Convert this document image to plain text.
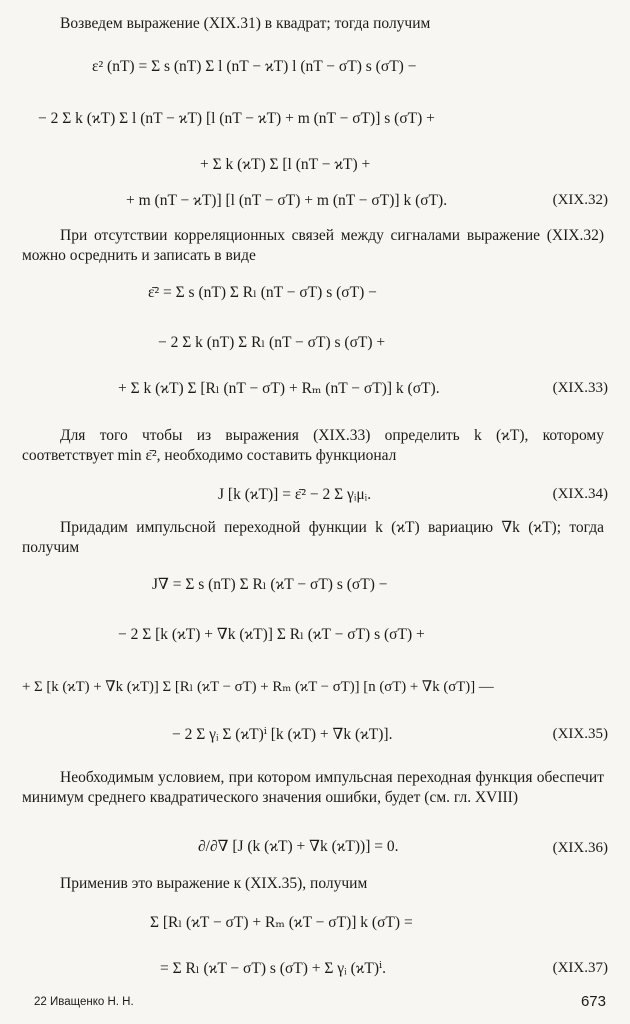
Возведем выражение (XIX.31) в квадрат; тогда получим
ε² (nT) = Σ s (nT) Σ l (nT − ϰT) l (nT − σT) s (σT) −
− 2 Σ k (ϰT) Σ l (nT − ϰT) [l (nT − ϰT) + m (nT − σT)] s (σT) +
+ Σ k (ϰT) Σ [l (nT − ϰT) +
+ m (nT − ϰT)] [l (nT − σT) + m (nT − σT)] k (σT).	(XIX.32)
При отсутствии корреляционных связей между сигналами выражение (XIX.32) можно осреднить и записать в виде
ε̄² = Σ s (nT) Σ Rₗ (nT − σT) s (σT) −
− 2 Σ k (nT) Σ Rₗ (nT − σT) s (σT) +
+ Σ k (ϰT) Σ [Rₗ (nT − σT) + Rₘ (nT − σT)] k (σT).	(XIX.33)
Для того чтобы из выражения (XIX.33) определить k (ϰT), которому соответствует min ε̄², необходимо составить функционал
J [k (ϰT)] = ε̄² − 2 Σ γᵢμᵢ.	(XIX.34)
Придадим импульсной переходной функции k (ϰT) вариацию ∇k (ϰT); тогда получим
J∇ = Σ s (nT) Σ Rₗ (ϰT − σT) s (σT) −
− 2 Σ [k (ϰT) + ∇k (ϰT)] Σ Rₗ (ϰT − σT) s (σT) +
+ Σ [k (ϰT) + ∇k (ϰT)] Σ [Rₗ (ϰT − σT) + Rₘ (ϰT − σT)] [n (σT) + ∇k (σT)] —
− 2 Σ γᵢ Σ (ϰT)ⁱ [k (ϰT) + ∇k (ϰT)].	(XIX.35)
Необходимым условием, при котором импульсная переходная функция обеспечит минимум среднего квадратического значения ошибки, будет (см. гл. XVIII)
∂/∂∇ [J (k (ϰT) + ∇k (ϰT))] = 0.	(XIX.36)
Применив это выражение к (XIX.35), получим
Σ [Rₗ (ϰT − σT) + Rₘ (ϰT − σT)] k (σT) =
= Σ Rₗ (ϰT − σT) s (σT) + Σ γᵢ (ϰT)ⁱ.	(XIX.37)
22 Иващенко Н. Н.	673
